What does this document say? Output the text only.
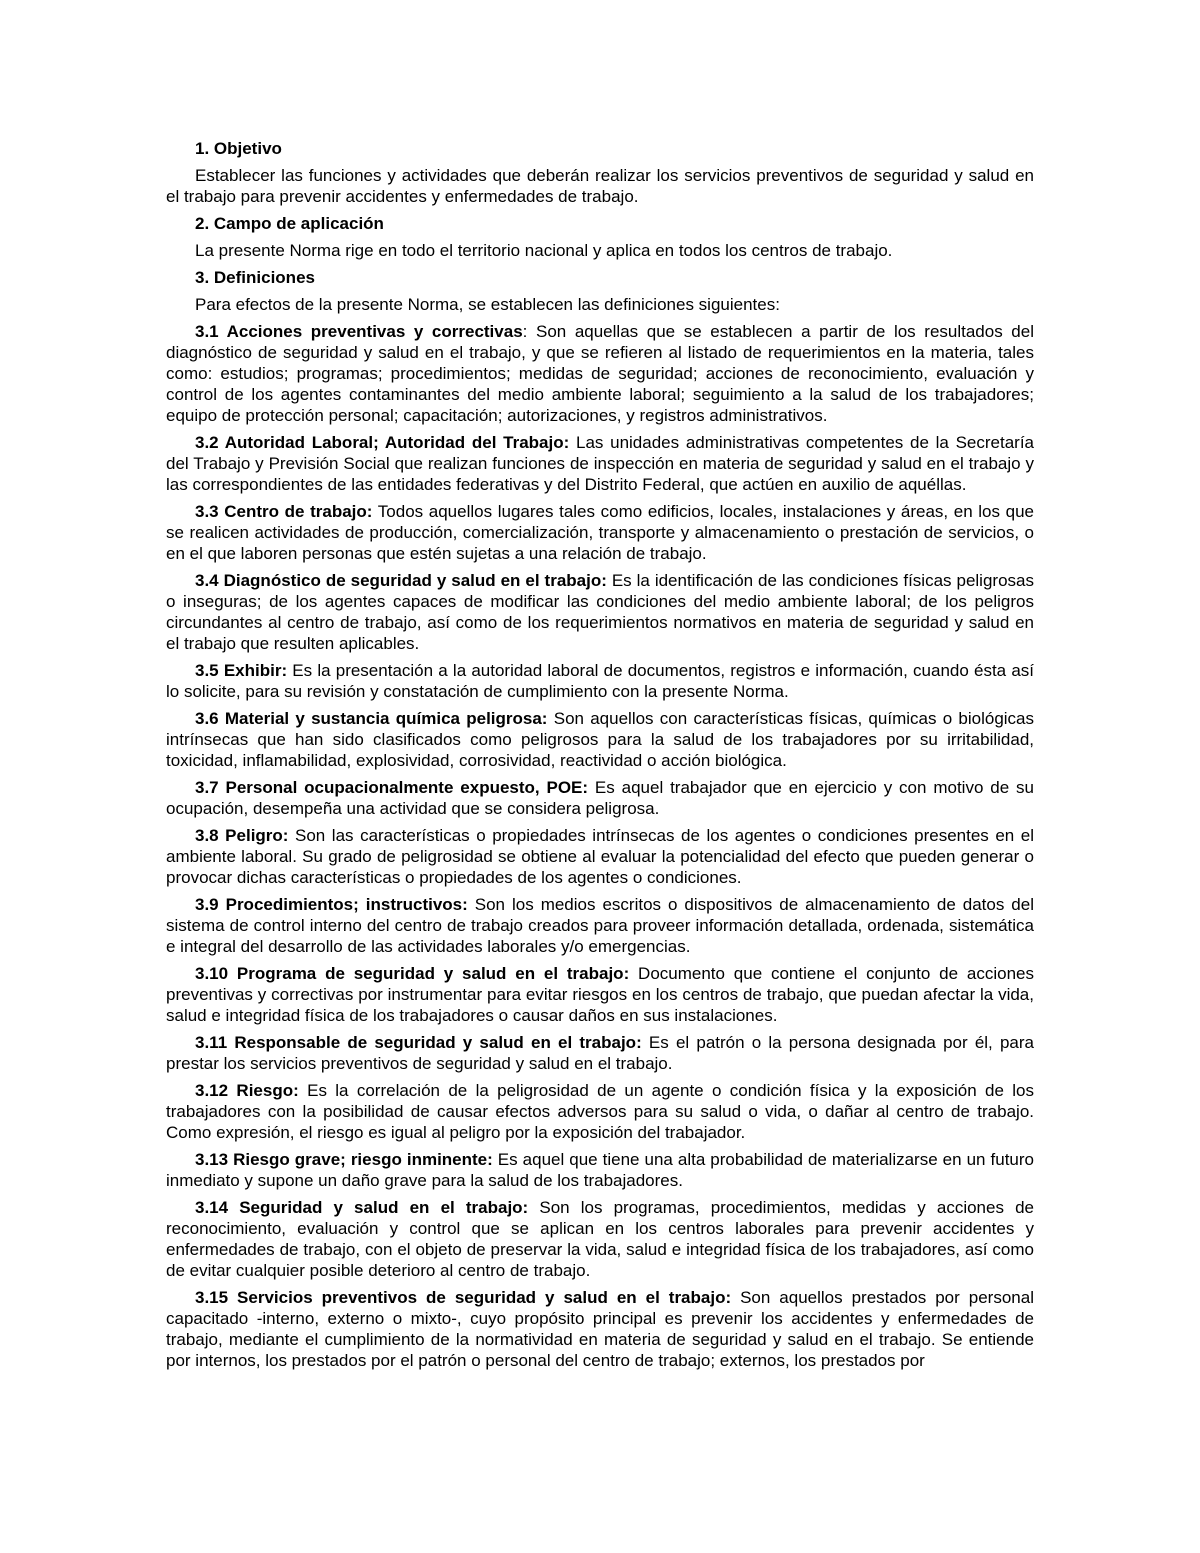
1. Objetivo
Establecer las funciones y actividades que deberán realizar los servicios preventivos de seguridad y salud en el trabajo para prevenir accidentes y enfermedades de trabajo.
2. Campo de aplicación
La presente Norma rige en todo el territorio nacional y aplica en todos los centros de trabajo.
3. Definiciones
Para efectos de la presente Norma, se establecen las definiciones siguientes:

3.1 Acciones preventivas y correctivas: Son aquellas que se establecen a partir de los resultados del diagnóstico de seguridad y salud en el trabajo, y que se refieren al listado de requerimientos en la materia, tales como: estudios; programas; procedimientos; medidas de seguridad; acciones de reconocimiento, evaluación y control de los agentes contaminantes del medio ambiente laboral; seguimiento a la salud de los trabajadores; equipo de protección personal; capacitación; autorizaciones, y registros administrativos.

3.2 Autoridad Laboral; Autoridad del Trabajo: Las unidades administrativas competentes de la Secretaría del Trabajo y Previsión Social que realizan funciones de inspección en materia de seguridad y salud en el trabajo y las correspondientes de las entidades federativas y del Distrito Federal, que actúen en auxilio de aquéllas.

3.3 Centro de trabajo: Todos aquellos lugares tales como edificios, locales, instalaciones y áreas, en los que se realicen actividades de producción, comercialización, transporte y almacenamiento o prestación de servicios, o en el que laboren personas que estén sujetas a una relación de trabajo.

3.4 Diagnóstico de seguridad y salud en el trabajo: Es la identificación de las condiciones físicas peligrosas o inseguras; de los agentes capaces de modificar las condiciones del medio ambiente laboral; de los peligros circundantes al centro de trabajo, así como de los requerimientos normativos en materia de seguridad y salud en el trabajo que resulten aplicables.

3.5 Exhibir: Es la presentación a la autoridad laboral de documentos, registros e información, cuando ésta así lo solicite, para su revisión y constatación de cumplimiento con la presente Norma.

3.6 Material y sustancia química peligrosa: Son aquellos con características físicas, químicas o biológicas intrínsecas que han sido clasificados como peligrosos para la salud de los trabajadores por su irritabilidad, toxicidad, inflamabilidad, explosividad, corrosividad, reactividad o acción biológica.

3.7 Personal ocupacionalmente expuesto, POE: Es aquel trabajador que en ejercicio y con motivo de su ocupación, desempeña una actividad que se considera peligrosa.

3.8 Peligro: Son las características o propiedades intrínsecas de los agentes o condiciones presentes en el ambiente laboral. Su grado de peligrosidad se obtiene al evaluar la potencialidad del efecto que pueden generar o provocar dichas características o propiedades de los agentes o condiciones.

3.9 Procedimientos; instructivos: Son los medios escritos o dispositivos de almacenamiento de datos del sistema de control interno del centro de trabajo creados para proveer información detallada, ordenada, sistemática e integral del desarrollo de las actividades laborales y/o emergencias.

3.10 Programa de seguridad y salud en el trabajo: Documento que contiene el conjunto de acciones preventivas y correctivas por instrumentar para evitar riesgos en los centros de trabajo, que puedan afectar la vida, salud e integridad física de los trabajadores o causar daños en sus instalaciones.

3.11 Responsable de seguridad y salud en el trabajo: Es el patrón o la persona designada por él, para prestar los servicios preventivos de seguridad y salud en el trabajo.

3.12 Riesgo: Es la correlación de la peligrosidad de un agente o condición física y la exposición de los trabajadores con la posibilidad de causar efectos adversos para su salud o vida, o dañar al centro de trabajo. Como expresión, el riesgo es igual al peligro por la exposición del trabajador.

3.13 Riesgo grave; riesgo inminente: Es aquel que tiene una alta probabilidad de materializarse en un futuro inmediato y supone un daño grave para la salud de los trabajadores.

3.14 Seguridad y salud en el trabajo: Son los programas, procedimientos, medidas y acciones de reconocimiento, evaluación y control que se aplican en los centros laborales para prevenir accidentes y enfermedades de trabajo, con el objeto de preservar la vida, salud e integridad física de los trabajadores, así como de evitar cualquier posible deterioro al centro de trabajo.

3.15 Servicios preventivos de seguridad y salud en el trabajo: Son aquellos prestados por personal capacitado -interno, externo o mixto-, cuyo propósito principal es prevenir los accidentes y enfermedades de trabajo, mediante el cumplimiento de la normatividad en materia de seguridad y salud en el trabajo. Se entiende por internos, los prestados por el patrón o personal del centro de trabajo; externos, los prestados por
